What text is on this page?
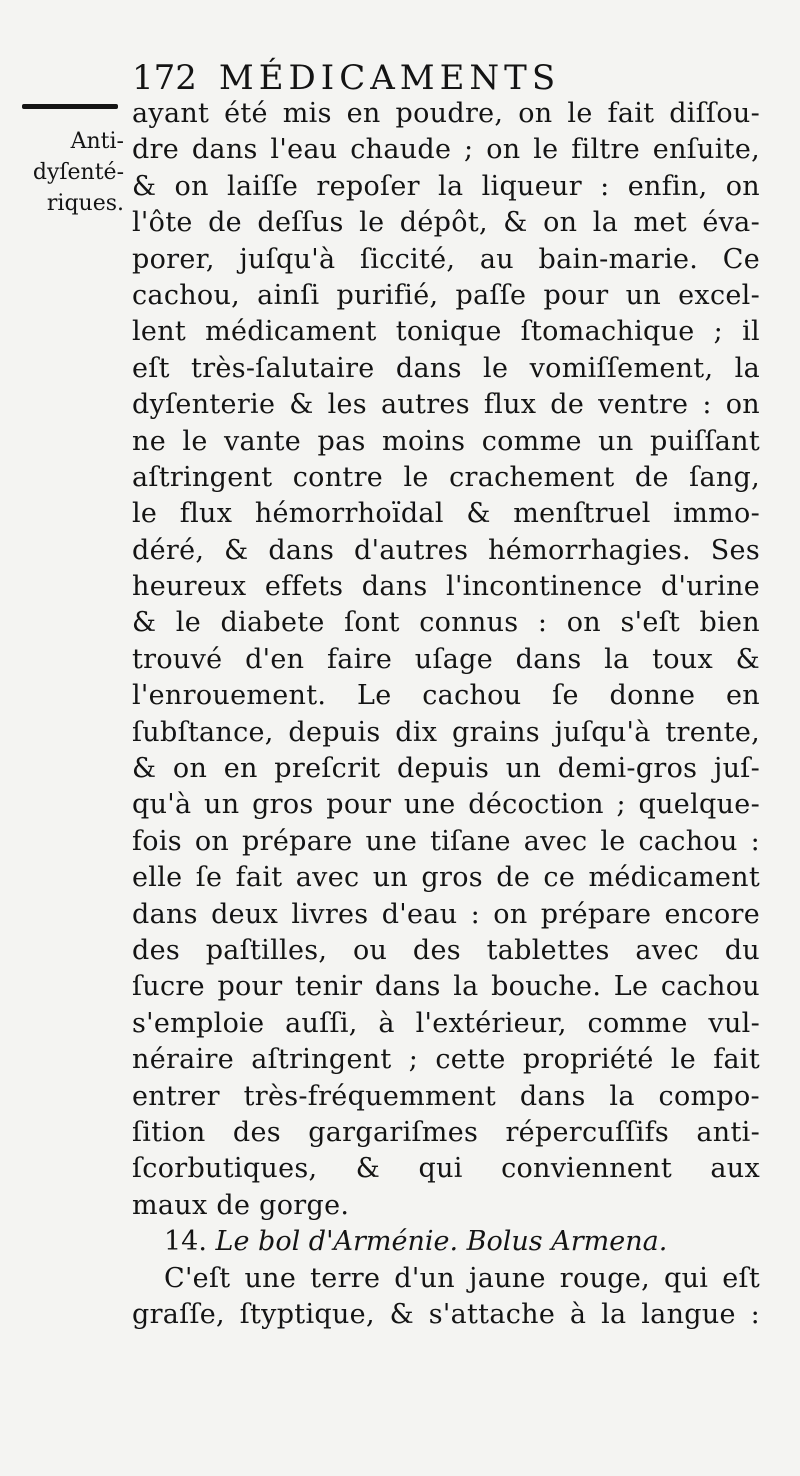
172 MÉDICAMENTS
Anti-
dyſenté-
riques.
ayant été mis en poudre, on le fait diſſou-
dre dans l'eau chaude ; on le filtre enſuite,
& on laiſſe repoſer la liqueur : enfin, on
l'ôte de deſſus le dépôt, & on la met éva-
porer, juſqu'à ſiccité, au bain-marie. Ce
cachou, ainſi purifié, paſſe pour un excel-
lent médicament tonique ſtomachique ; il
eſt très-ſalutaire dans le vomiſſement, la
dyſenterie & les autres flux de ventre : on
ne le vante pas moins comme un puiſſant
aſtringent contre le crachement de ſang,
le flux hémorrhoïdal & menſtruel immo-
déré, & dans d'autres hémorrhagies. Ses
heureux effets dans l'incontinence d'urine
& le diabete ſont connus : on s'eſt bien
trouvé d'en faire uſage dans la toux &
l'enrouement. Le cachou ſe donne en
ſubſtance, depuis dix grains juſqu'à trente,
& on en preſcrit depuis un demi-gros juſ-
qu'à un gros pour une décoction ; quelque-
fois on prépare une tiſane avec le cachou :
elle ſe fait avec un gros de ce médicament
dans deux livres d'eau : on prépare encore
des paſtilles, ou des tablettes avec du
ſucre pour tenir dans la bouche. Le cachou
s'emploie auſſi, à l'extérieur, comme vul-
néraire aſtringent ; cette propriété le fait
entrer très-fréquemment dans la compo-
ſition des gargariſmes répercuſſifs anti-
ſcorbutiques, & qui conviennent aux
maux de gorge.
14. Le bol d'Arménie. Bolus Armena.
C'eſt une terre d'un jaune rouge, qui eſt
graſſe, ſtyptique, & s'attache à la langue :
